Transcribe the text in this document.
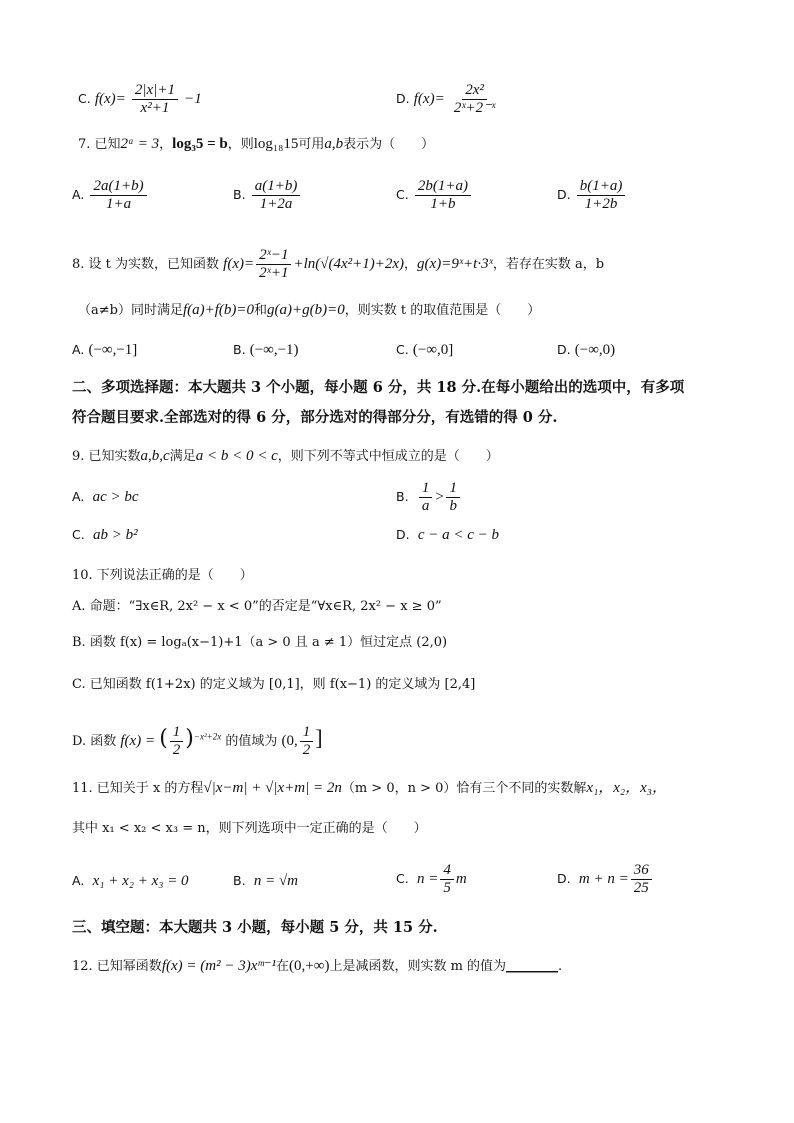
C. $f(x)= \frac{2|x|+1}{\text{x²+1}} -1$	D. $f(x)= \frac{\text{2x²}}{\text{2ˣ+2⁻ˣ}}$
7. 已知2ᵃ = 3，log₃5 = b，则log₁₈15可用a,b表示为（　　）
A. $\frac{2a(1+b)}{1+a}$	B. $\frac{a(1+b)}{1+2a}$	C. $\frac{2b(1+a)}{1+b}$	D. $\frac{b(1+a)}{1+2b}$
8. 设 t 为实数，已知函数 $f(x)= \frac{\text{2ˣ−1}}{\text{2ˣ+1}} +\ln(√(4x^2+1)+2x)$，g(x)=9ˣ+t·3ˣ，若存在实数 a，b
（a≠b）同时满足f(a)+f(b)=0和g(a)+g(b)=0，则实数 t 的取值范围是（　　）
A. (−∞,−1]	B. (−∞,−1)	C. (−∞,0]	D. (−∞,0)
二、多项选择题：本大题共 3 个小题，每小题 6 分，共 18 分.在每小题给出的选项中，有多项
符合题目要求.全部选对的得 6 分，部分选对的得部分分，有选错的得 0 分.
9. 已知实数a,b,c满足a < b < 0 < c，则下列不等式中恒成立的是（　　）
A. ac > bc	B. $\frac{1}{a} > \frac{1}{b}$
C. ab > b²	D. c − a < c − b
10. 下列说法正确的是（　　）
A. 命题：“∃x∈R, 2x² − x < 0”的否定是“∀x∈R, 2x² − x ≥ 0”
B. 函数 f(x) = logₐ(x−1)+1（a > 0 且 a ≠ 1）恒过定点 (2,0)
C. 已知函数 f(1+2x) 的定义域为 [0,1]，则 f(x−1) 的定义域为 [2,4]
D. 函数 f(x) = ( $\frac{1}{2} )^{-x^2+2x}$ 的值域为 (0, $\frac{1}{2}$ ]
11. 已知关于 x 的方程√|x−m| + √|x+m| = 2n（m > 0，n > 0）恰有三个不同的实数解x₁，x₂，x₃，
其中 x₁ < x₂ < x₃ = n，则下列选项中一定正确的是（　　）
A. x₁ + x₂ + x₃ = 0	B. n = √m	C. $n = \frac{4}{5}$ m	D. $m + n = \frac{36}{25}$
三、填空题：本大题共 3 小题，每小题 5 分，共 15 分.
12. 已知幂函数f(x) = (m² − 3)xᵐ⁻¹在(0,+∞)上是减函数，则实数 m 的值为________.
